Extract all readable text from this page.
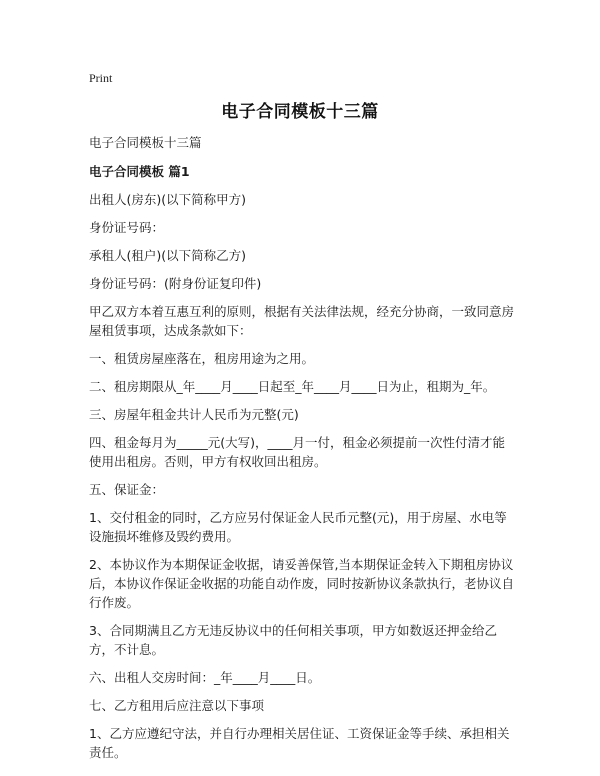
Print
电子合同模板十三篇

电子合同模板十三篇

电子合同模板 篇1

出租人(房东)(以下简称甲方)

身份证号码：

承租人(租户)(以下简称乙方)

身份证号码：(附身份证复印件)

甲乙双方本着互惠互利的原则，根据有关法律法规，经充分协商，一致同意房屋租赁事项，达成条款如下：

一、租赁房屋座落在，租房用途为之用。

二、租房期限从_年____月____日起至_年____月____日为止，租期为_年。

三、房屋年租金共计人民币为元整(元)

四、租金每月为_____元(大写)，____月一付，租金必须提前一次性付清才能使用出租房。否则，甲方有权收回出租房。

五、保证金：

1、交付租金的同时，乙方应另付保证金人民币元整(元)，用于房屋、水电等设施损坏维修及毁约费用。

2、本协议作为本期保证金收据，请妥善保管,当本期保证金转入下期租房协议后，本协议作保证金收据的功能自动作废，同时按新协议条款执行，老协议自行作废。

3、合同期满且乙方无违反协议中的任何相关事项，甲方如数返还押金给乙方，不计息。

六、出租人交房时间：_年____月____日。

七、乙方租用后应注意以下事项

1、乙方应遵纪守法，并自行办理相关居住证、工资保证金等手续、承担相关责任。
